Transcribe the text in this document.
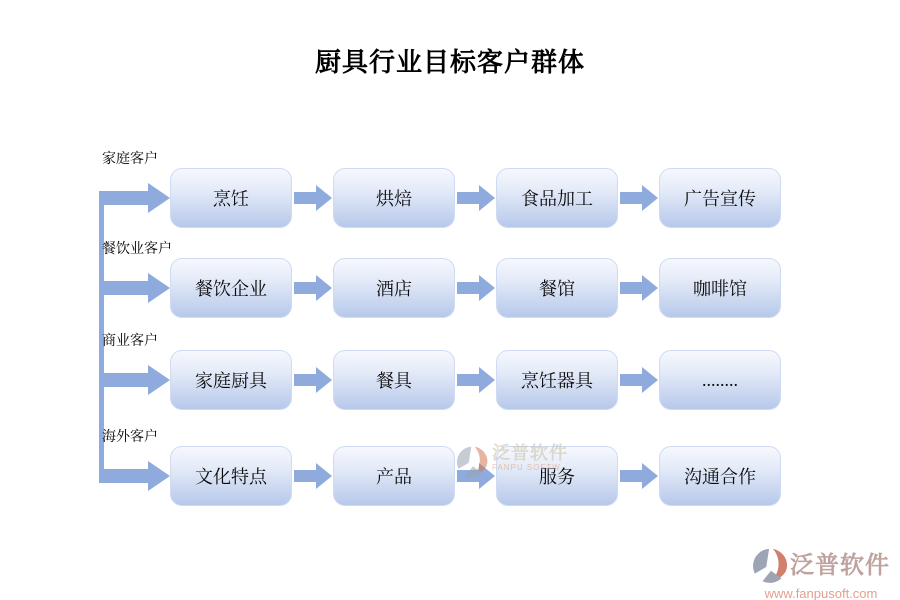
厨具行业目标客户群体
家庭客户
烹饪	烘焙	食品加工	广告宣传
餐饮业客户
餐饮企业	酒店	餐馆	咖啡馆
商业客户
家庭厨具	餐具	烹饪器具	........
海外客户
文化特点	产品	服务	沟通合作
泛普软件
FANPU SOFTW
泛普软件
www.fanpusoft.com
